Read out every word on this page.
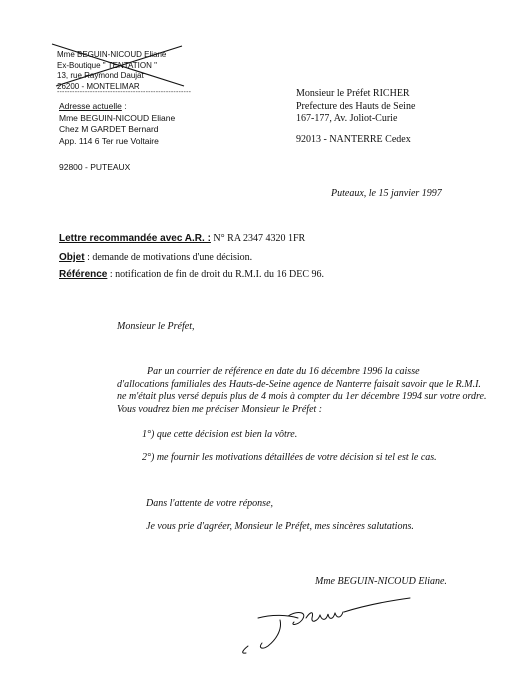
Mme BEGUIN-NICOUD Eliane
Ex-Boutique " TENTATION "
13, rue Raymond Daujat
26200 - MONTELIMAR
-----------------------------------------------------
Adresse actuelle :
Mme BEGUIN-NICOUD Eliane
Chez M GARDET Bernard
App. 114 6 Ter rue Voltaire
92800 - PUTEAUX
Monsieur le Préfet RICHER
Prefecture des Hauts de Seine
167-177, Av. Joliot-Curie
92013 - NANTERRE Cedex
Puteaux, le 15 janvier 1997
Lettre recommandée avec A.R. : N° RA 2347 4320 1FR
Objet : demande de motivations d'une décision.
Référence : notification de fin de droit du R.M.I. du 16 DEC 96.
Monsieur le Préfet,
Par un courrier de référence en date du 16 décembre 1996 la caisse
d'allocations familiales des Hauts-de-Seine agence de Nanterre faisait savoir que le R.M.I.
ne m'était plus versé depuis plus de 4 mois à compter du 1er décembre 1994 sur votre ordre.
Vous voudrez bien me préciser Monsieur le Préfet :
1°) que cette décision est bien la vôtre.
2°) me fournir les motivations détaillées de votre décision si tel est le cas.
Dans l'attente de votre réponse,
Je vous prie d'agréer, Monsieur le Préfet, mes sincères salutations.
Mme BEGUIN-NICOUD Eliane.
